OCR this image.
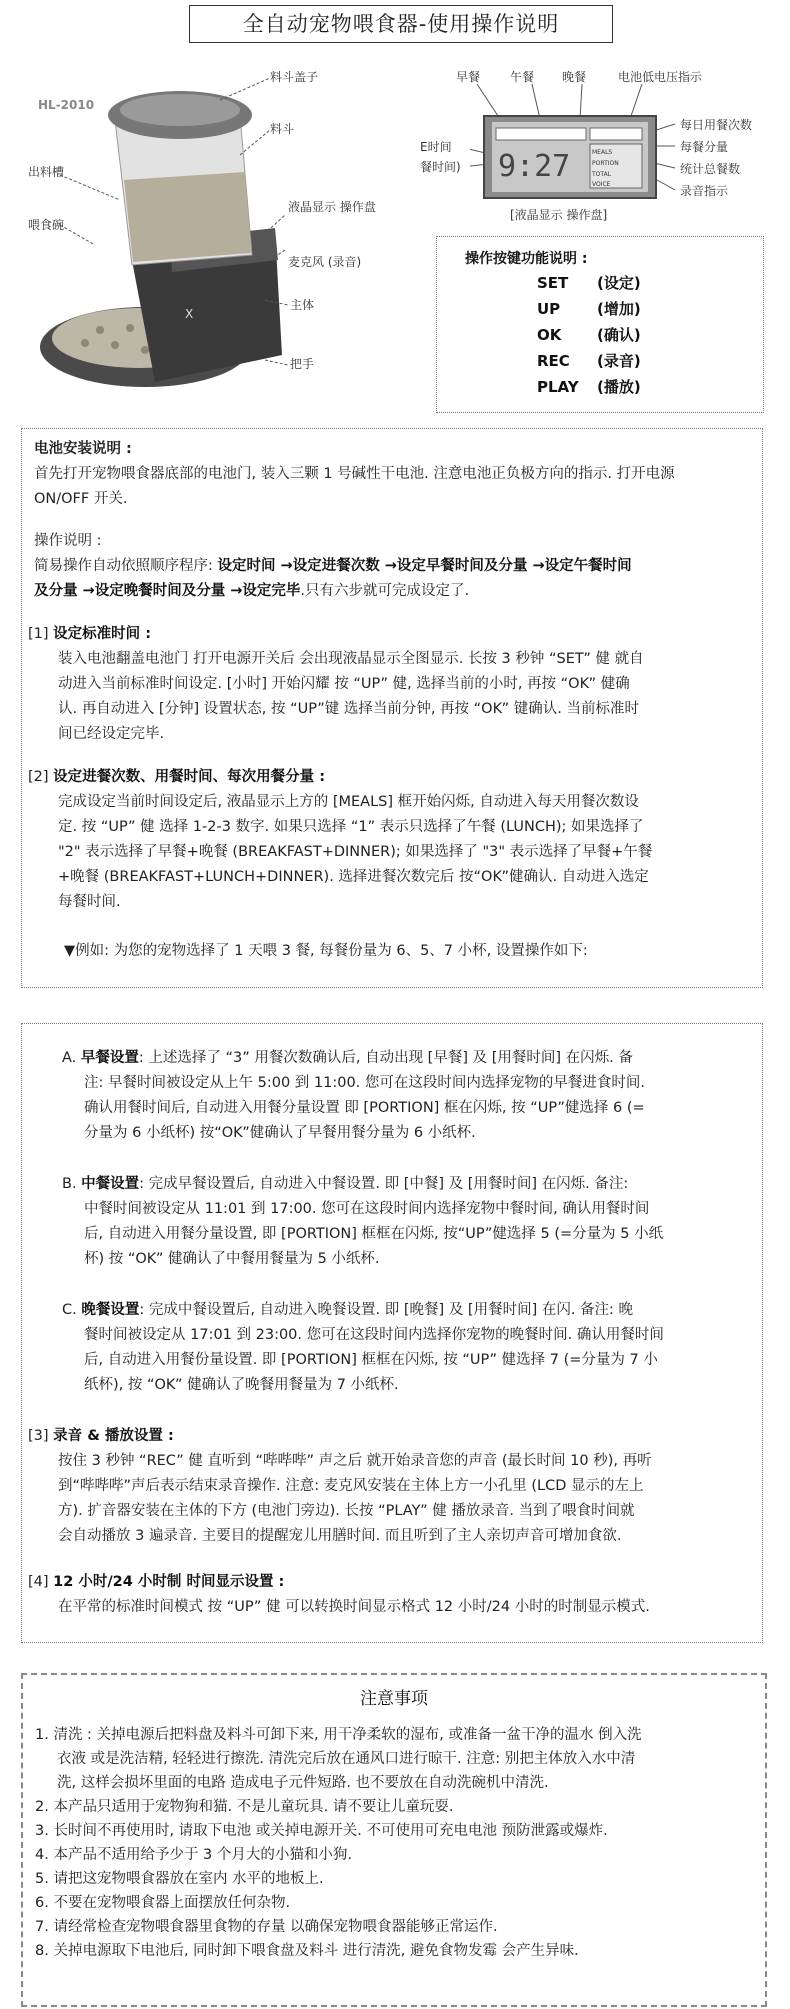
全自动宠物喂食器-使用操作说明
HL-2010
X
料斗盖子
料斗
出料槽
液晶显示 操作盘
喂食碗
麦克风 (录音)
主体
把手
早餐 午餐 晚餐	电池低电压指示
E时间
餐时间)
每日用餐次数
每餐分量
统计总餐数
录音指示
9:27	MEALS
PORTION
TOTAL
VOICE
[液晶显示 操作盘]
操作按键功能说明 :
SET (设定)
UP (增加)
OK (确认)
REC (录音)
PLAY (播放)
电池安装说明 :
首先打开宠物喂食器底部的电池门, 装入三颗 1 号碱性干电池. 注意电池正负极方向的指示. 打开电源
ON/OFF 开关.
操作说明 :
简易操作自动依照顺序程序: 设定时间 →设定进餐次数 →设定早餐时间及分量 →设定午餐时间
及分量 →设定晚餐时间及分量 →设定完毕.只有六步就可完成设定了.
[1] 设定标准时间 :
装入电池翻盖电池门 打开电源开关后 会出现液晶显示全图显示. 长按 3 秒钟 “SET” 健 就自
动进入当前标准时间设定. [小时] 开始闪耀 按 “UP” 健, 选择当前的小时, 再按 “OK” 健确
认. 再自动进入 [分钟] 设置状态, 按 “UP”键 选择当前分钟, 再按 “OK” 键确认. 当前标准时
间已经设定完毕.
[2] 设定进餐次数、用餐时间、每次用餐分量 :
完成设定当前时间设定后, 液晶显示上方的 [MEALS] 框开始闪烁, 自动进入每天用餐次数设
定. 按 “UP” 健 选择 1-2-3 数字. 如果只选择 “1” 表示只选择了午餐 (LUNCH); 如果选择了
"2" 表示选择了早餐+晚餐 (BREAKFAST+DINNER); 如果选择了 "3" 表示选择了早餐+午餐
+晚餐 (BREAKFAST+LUNCH+DINNER). 选择进餐次数完后 按“OK”健确认. 自动进入选定
每餐时间.
▼例如: 为您的宠物选择了 1 天喂 3 餐, 每餐份量为 6、5、7 小杯, 设置操作如下:
A. 早餐设置: 上述选择了 “3” 用餐次数确认后, 自动出现 [早餐] 及 [用餐时间] 在闪烁. 备
注: 早餐时间被设定从上午 5:00 到 11:00. 您可在这段时间内选择宠物的早餐进食时间.
确认用餐时间后, 自动进入用餐分量设置 即 [PORTION] 框在闪烁, 按 “UP”健选择 6 (=
分量为 6 小纸杯) 按“OK”健确认了早餐用餐分量为 6 小纸杯.
B. 中餐设置: 完成早餐设置后, 自动进入中餐设置. 即 [中餐] 及 [用餐时间] 在闪烁. 备注:
中餐时间被设定从 11:01 到 17:00. 您可在这段时间内选择宠物中餐时间, 确认用餐时间
后, 自动进入用餐分量设置, 即 [PORTION] 框框在闪烁, 按“UP”健选择 5 (=分量为 5 小纸
杯) 按 “OK” 健确认了中餐用餐量为 5 小纸杯.
C. 晚餐设置: 完成中餐设置后, 自动进入晚餐设置. 即 [晚餐] 及 [用餐时间] 在闪. 备注: 晚
餐时间被设定从 17:01 到 23:00. 您可在这段时间内选择你宠物的晚餐时间. 确认用餐时间
后, 自动进入用餐份量设置. 即 [PORTION] 框框在闪烁, 按 “UP” 健选择 7 (=分量为 7 小
纸杯), 按 “OK” 健确认了晚餐用餐量为 7 小纸杯.
[3] 录音 & 播放设置 :
按住 3 秒钟 “REC” 健 直听到 “哔哔哔” 声之后 就开始录音您的声音 (最长时间 10 秒), 再听
到“哔哔哔”声后表示结束录音操作. 注意: 麦克风安装在主体上方一小孔里 (LCD 显示的左上
方). 扩音器安装在主体的下方 (电池门旁边). 长按 “PLAY” 健 播放录音. 当到了喂食时间就
会自动播放 3 遍录音. 主要目的提醒宠儿用膳时间. 而且听到了主人亲切声音可增加食欲.
[4] 12 小时/24 小时制 时间显示设置 :
在平常的标准时间模式 按 “UP” 健 可以转换时间显示格式 12 小时/24 小时的时制显示模式.
注意事项
1. 清洗 : 关掉电源后把料盘及料斗可卸下来, 用干净柔软的湿布, 或准备一盆干净的温水 倒入洗
衣液 或是洗洁精, 轻轻进行擦洗. 清洗完后放在通风口进行晾干. 注意: 别把主体放入水中清
洗, 这样会损坏里面的电路 造成电子元件短路. 也不要放在自动洗碗机中清洗.
2. 本产品只适用于宠物狗和猫. 不是儿童玩具. 请不要让儿童玩耍.
3. 长时间不再使用时, 请取下电池 或关掉电源开关. 不可使用可充电电池 预防泄露或爆炸.
4. 本产品不适用给予少于 3 个月大的小猫和小狗.
5. 请把这宠物喂食器放在室内 水平的地板上.
6. 不要在宠物喂食器上面摆放任何杂物.
7. 请经常检查宠物喂食器里食物的存量 以确保宠物喂食器能够正常运作.
8. 关掉电源取下电池后, 同时卸下喂食盘及料斗 进行清洗, 避免食物发霉 会产生异味.
